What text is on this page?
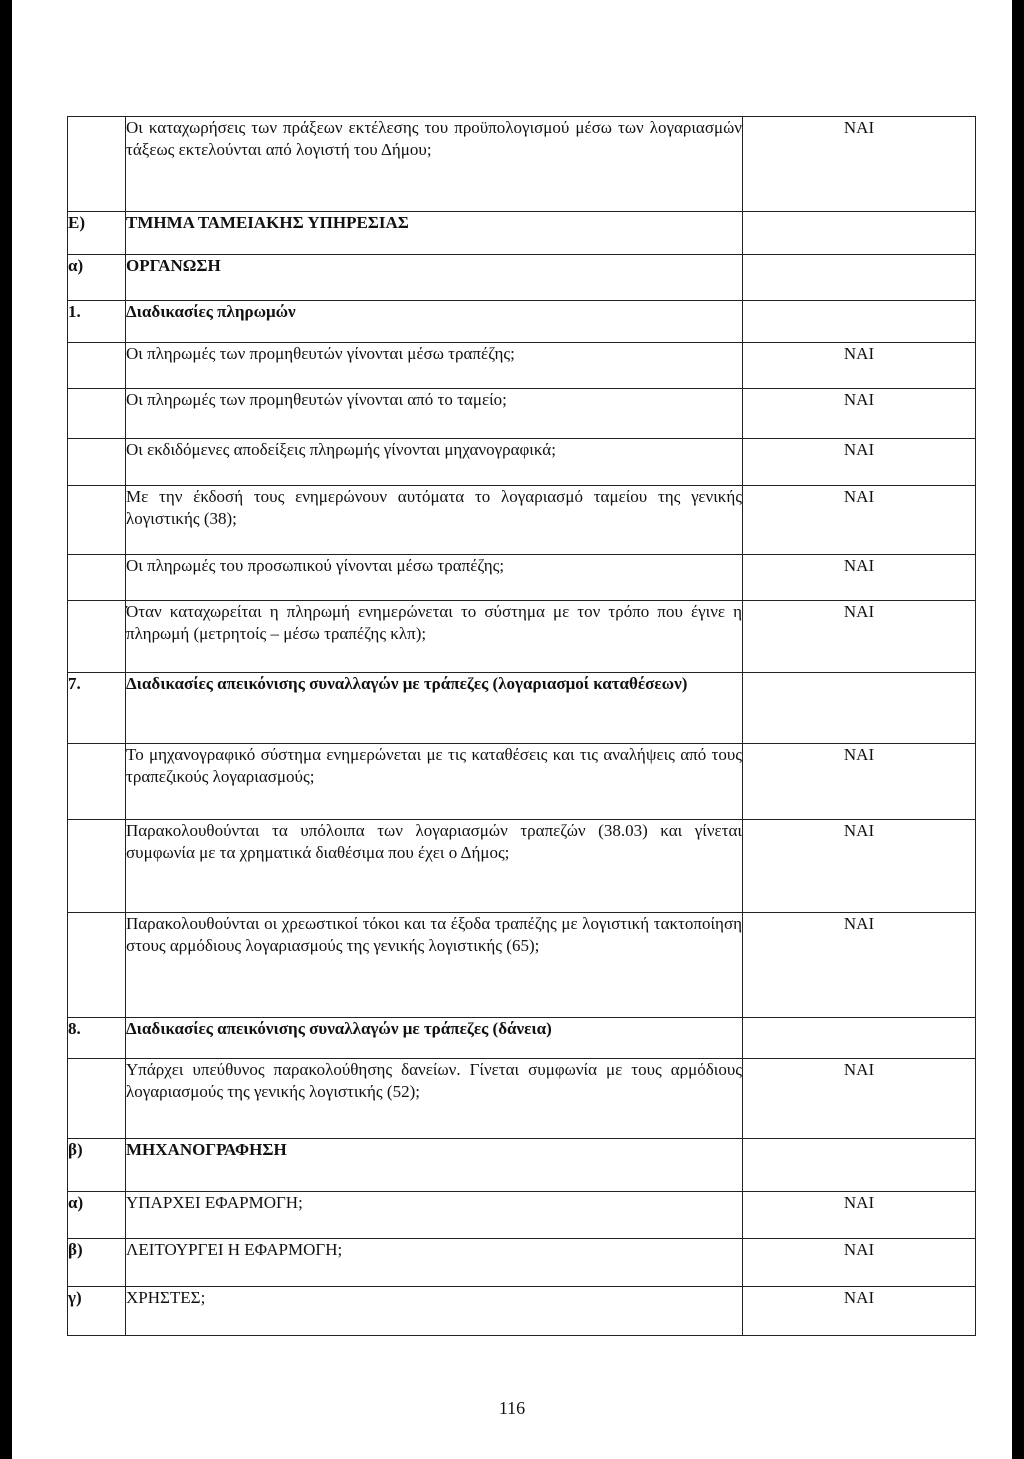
	Οι καταχωρήσεις των πράξεων εκτέλεσης του προϋπολογισμού μέσω των λογαριασμών τάξεως εκτελούνται από λογιστή του Δήμου;	ΝΑΙ
Ε)	ΤΜΗΜΑ ΤΑΜΕΙΑΚΗΣ ΥΠΗΡΕΣΙΑΣ	
α)	ΟΡΓΑΝΩΣΗ	
1.	Διαδικασίες πληρωμών	
	Οι πληρωμές των προμηθευτών γίνονται μέσω τραπέζης;	ΝΑΙ
	Οι πληρωμές των προμηθευτών γίνονται από το ταμείο;	ΝΑΙ
	Οι εκδιδόμενες αποδείξεις πληρωμής γίνονται μηχανογραφικά;	ΝΑΙ
	Με την έκδοσή τους ενημερώνουν αυτόματα το λογαριασμό ταμείου της γενικής λογιστικής (38);	ΝΑΙ
	Οι πληρωμές του προσωπικού γίνονται μέσω τραπέζης;	ΝΑΙ
	Όταν καταχωρείται η πληρωμή ενημερώνεται το σύστημα με τον τρόπο που έγινε η πληρωμή (μετρητοίς – μέσω τραπέζης κλπ);	ΝΑΙ
7.	Διαδικασίες απεικόνισης συναλλαγών με τράπεζες (λογαριασμοί καταθέσεων)	
	Το μηχανογραφικό σύστημα ενημερώνεται με τις καταθέσεις και τις αναλήψεις από τους τραπεζικούς λογαριασμούς;	ΝΑΙ
	Παρακολουθούνται τα υπόλοιπα των λογαριασμών τραπεζών (38.03) και γίνεται συμφωνία με τα χρηματικά διαθέσιμα που έχει ο Δήμος;	ΝΑΙ
	Παρακολουθούνται οι χρεωστικοί τόκοι και τα έξοδα τραπέζης με λογιστική τακτοποίηση στους αρμόδιους λογαριασμούς της γενικής λογιστικής (65);	ΝΑΙ
8.	Διαδικασίες απεικόνισης συναλλαγών με τράπεζες (δάνεια)	
	Υπάρχει υπεύθυνος παρακολούθησης δανείων. Γίνεται συμφωνία με τους αρμόδιους λογαριασμούς της γενικής λογιστικής (52);	ΝΑΙ
β)	ΜΗΧΑΝΟΓΡΑΦΗΣΗ	
α)	ΥΠΑΡΧΕΙ ΕΦΑΡΜΟΓΗ;	ΝΑΙ
β)	ΛΕΙΤΟΥΡΓΕΙ Η ΕΦΑΡΜΟΓΗ;	ΝΑΙ
γ)	ΧΡΗΣΤΕΣ;	ΝΑΙ
116
